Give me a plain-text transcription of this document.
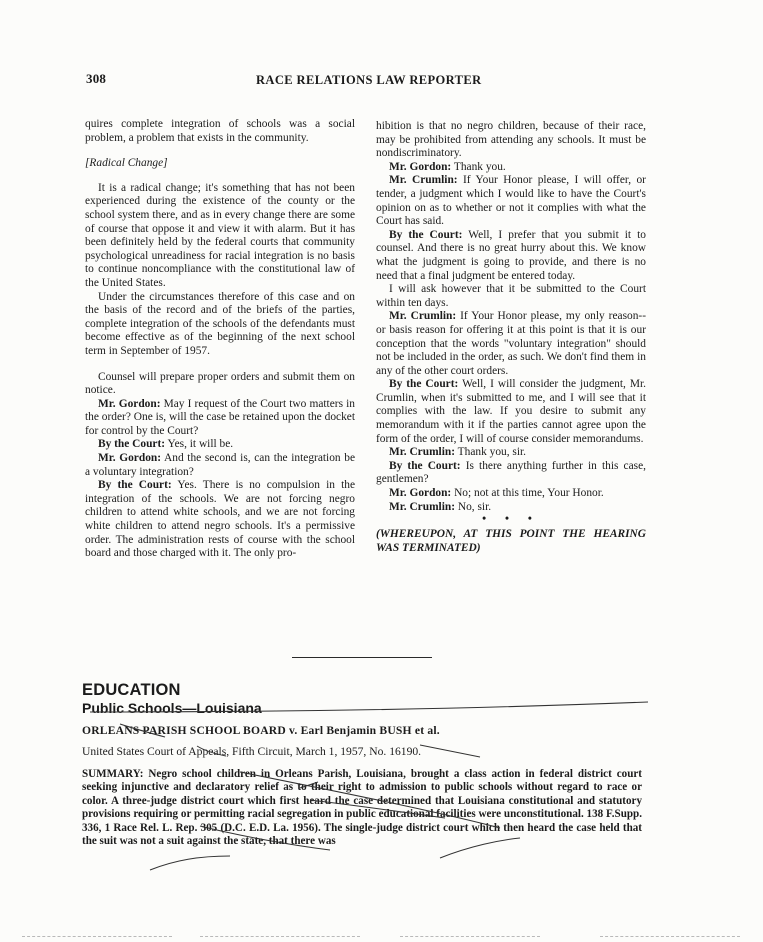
308	RACE RELATIONS LAW REPORTER

quires complete integration of schools was a social problem, a problem that exists in the community.

[Radical Change]

It is a radical change; it's something that has not been experienced during the existence of the county or the school system there, and as in every change there are some of course that oppose it and view it with alarm. But it has been definitely held by the federal courts that community psychological unreadiness for racial integration is no basis to continue noncompliance with the constitutional law of the United States.

Under the circumstances therefore of this case and on the basis of the record and of the briefs of the parties, complete integration of the schools of the defendants must become effective as of the beginning of the next school term in September of 1957.

Counsel will prepare proper orders and submit them on notice.

Mr. Gordon: May I request of the Court two matters in the order? One is, will the case be retained upon the docket for control by the Court?

By the Court: Yes, it will be.

Mr. Gordon: And the second is, can the integration be a voluntary integration?

By the Court: Yes. There is no compulsion in the integration of the schools. We are not forcing negro children to attend white schools, and we are not forcing white children to attend negro schools. It's a permissive order. The administration rests of course with the school board and those charged with it. The only pro-

hibition is that no negro children, because of their race, may be prohibited from attending any schools. It must be nondiscriminatory.

Mr. Gordon: Thank you.

Mr. Crumlin: If Your Honor please, I will offer, or tender, a judgment which I would like to have the Court's opinion on as to whether or not it complies with what the Court has said.

By the Court: Well, I prefer that you submit it to counsel. And there is no great hurry about this. We know what the judgment is going to provide, and there is no need that a final judgment be entered today.

I will ask however that it be submitted to the Court within ten days.

Mr. Crumlin: If Your Honor please, my only reason--or basis reason for offering it at this point is that it is our conception that the words "voluntary integration" should not be included in the order, as such. We don't find them in any of the other court orders.

By the Court: Well, I will consider the judgment, Mr. Crumlin, when it's submitted to me, and I will see that it complies with the law. If you desire to submit any memorandum with it if the parties cannot agree upon the form of the order, I will of course consider memorandums.

Mr. Crumlin: Thank you, sir.

By the Court: Is there anything further in this case, gentlemen?

Mr. Gordon: No; not at this time, Your Honor.

Mr. Crumlin: No, sir.

• • •

(WHEREUPON, AT THIS POINT THE HEARING WAS TERMINATED)

EDUCATION
Public Schools—Louisiana
ORLEANS PARISH SCHOOL BOARD v. Earl Benjamin BUSH et al.
United States Court of Appeals, Fifth Circuit, March 1, 1957, No. 16190.
SUMMARY: Negro school children in Orleans Parish, Louisiana, brought a class action in federal district court seeking injunctive and declaratory relief as to their right to admission to public schools without regard to race or color. A three-judge district court which first heard the case determined that Louisiana constitutional and statutory provisions requiring or permitting racial segregation in public educational facilities were unconstitutional. 138 F.Supp. 336, 1 Race Rel. L. Rep. 305 (D.C. E.D. La. 1956). The single-judge district court which then heard the case held that the suit was not a suit against the state, that there was
